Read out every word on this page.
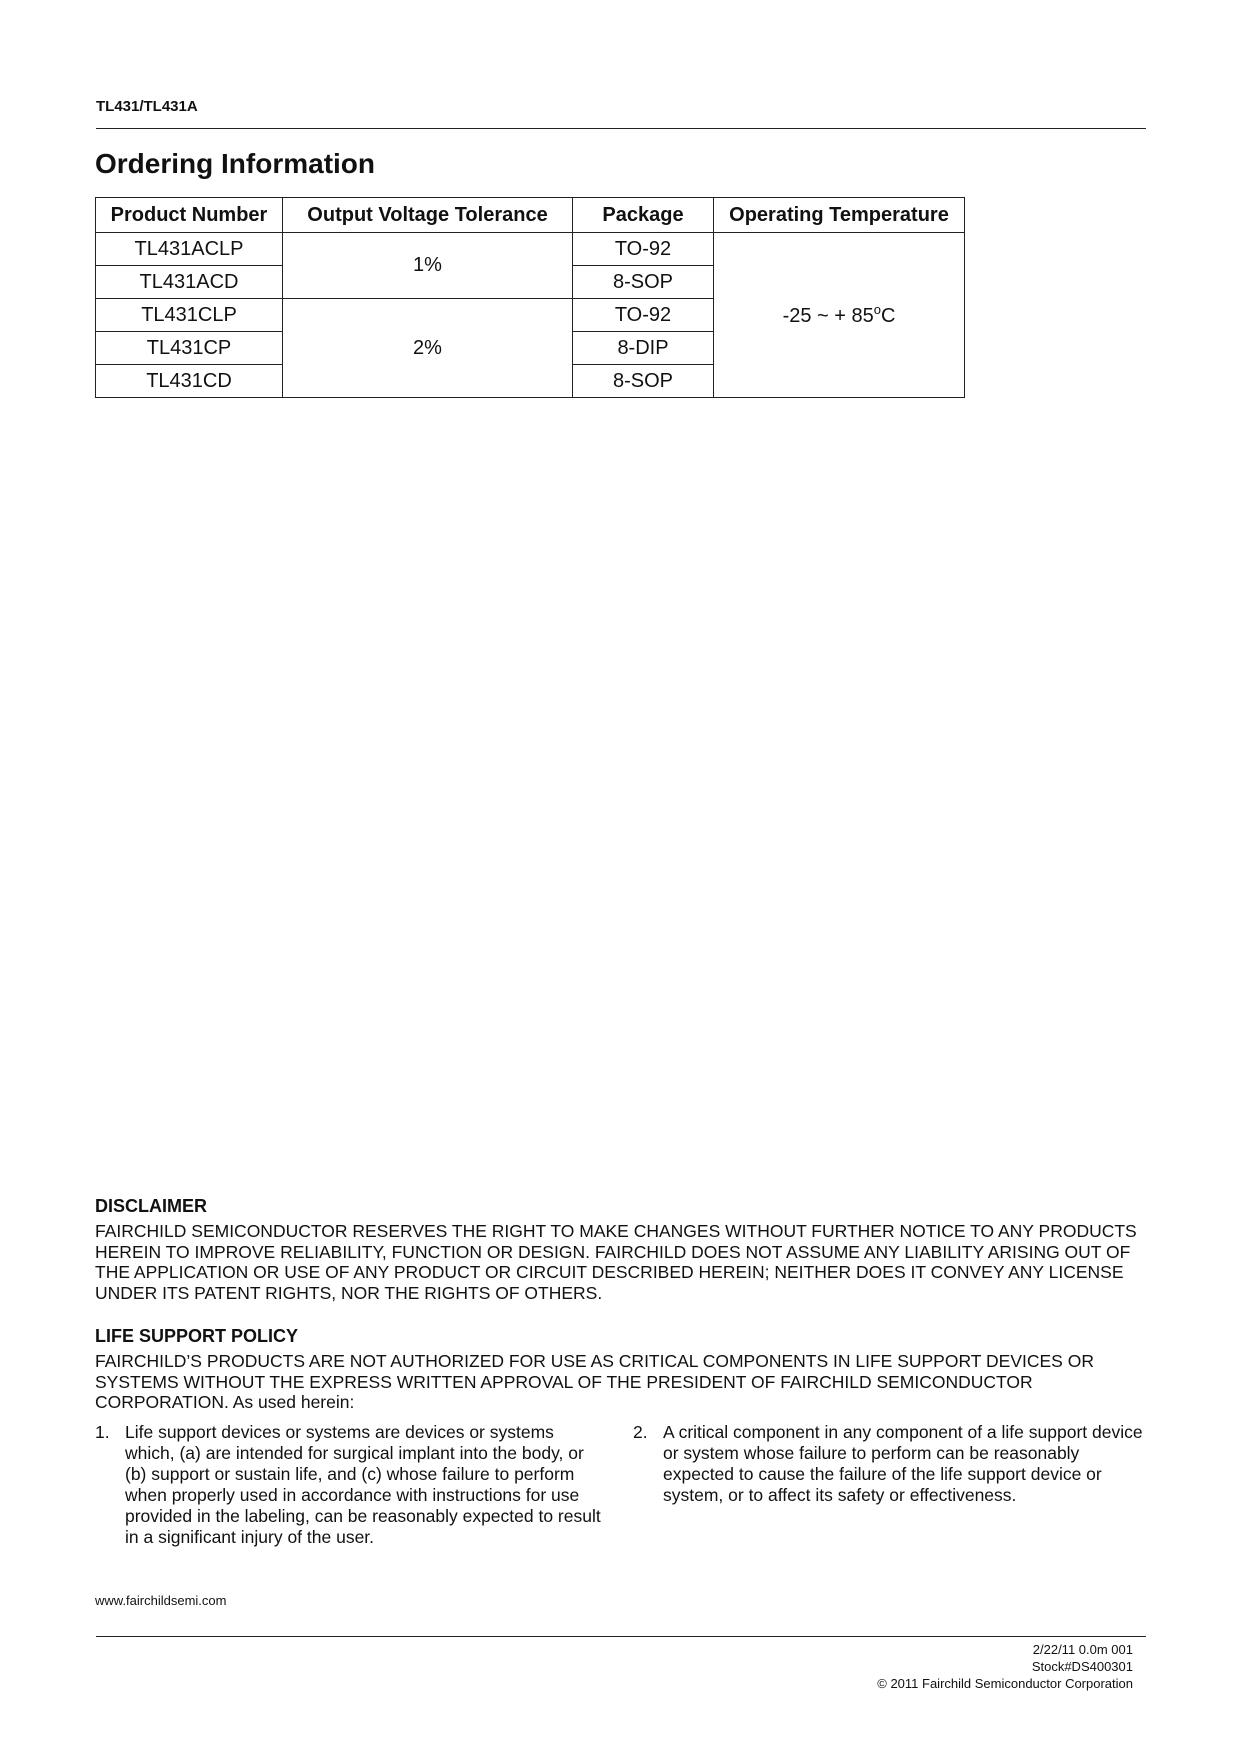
TL431/TL431A
Ordering Information
Product Number	Output Voltage Tolerance	Package	Operating Temperature
TL431ACLP	1%	TO-92	-25 ~ + $85^oC$
TL431ACD		8-SOP	
TL431CLP	2%	TO-92	
TL431CP		8-DIP	
TL431CD		8-SOP	
DISCLAIMER

FAIRCHILD SEMICONDUCTOR RESERVES THE RIGHT TO MAKE CHANGES WITHOUT FURTHER NOTICE TO ANY PRODUCTS HEREIN TO IMPROVE RELIABILITY, FUNCTION OR DESIGN. FAIRCHILD DOES NOT ASSUME ANY LIABILITY ARISING OUT OF THE APPLICATION OR USE OF ANY PRODUCT OR CIRCUIT DESCRIBED HEREIN; NEITHER DOES IT CONVEY ANY LICENSE UNDER ITS PATENT RIGHTS, NOR THE RIGHTS OF OTHERS.

LIFE SUPPORT POLICY

FAIRCHILD’S PRODUCTS ARE NOT AUTHORIZED FOR USE AS CRITICAL COMPONENTS IN LIFE SUPPORT DEVICES OR SYSTEMS WITHOUT THE EXPRESS WRITTEN APPROVAL OF THE PRESIDENT OF FAIRCHILD SEMICONDUCTOR CORPORATION. As used herein:

1. Life support devices or systems are devices or systems which, (a) are intended for surgical implant into the body, or (b) support or sustain life, and (c) whose failure to perform when properly used in accordance with instructions for use provided in the labeling, can be reasonably expected to result in a significant injury of the user.
2. A critical component in any component of a life support device or system whose failure to perform can be reasonably expected to cause the failure of the life support device or system, or to affect its safety or effectiveness.
www.fairchildsemi.com
2/22/11 0.0m 001
Stock#DS400301
© 2011 Fairchild Semiconductor Corporation
